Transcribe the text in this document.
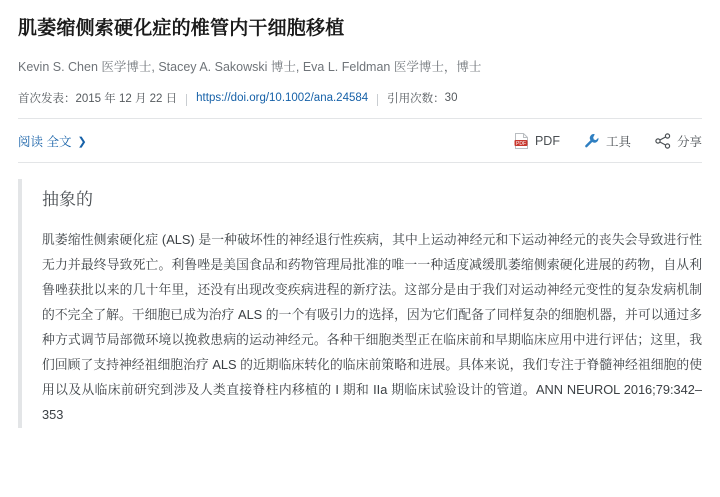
肌萎缩侧索硬化症的椎管内干细胞移植
Kevin S. Chen 医学博士, Stacey A. Sakowski 博士, Eva L. Feldman 医学博士，博士
首次发表： 2015 年 12 月 22 日 https://doi.org/10.1002/ana.24584 引用次数： 30
阅读 全文 ❯	PDF PDF	工具	分享
抽象的
肌萎缩性侧索硬化症 (ALS) 是一种破坏性的神经退行性疾病，其中上运动神经元和下运动神经元的丧失会导致进行性无力并最终导致死亡。利鲁唑是美国食品和药物管理局批准的唯一一种适度减缓肌萎缩侧索硬化进展的药物，自从利鲁唑获批以来的几十年里，还没有出现改变疾病进程的新疗法。这部分是由于我们对运动神经元变性的复杂发病机制的不完全了解。干细胞已成为治疗 ALS 的一个有吸引力的选择，因为它们配备了同样复杂的细胞机器，并可以通过多种方式调节局部微环境以挽救患病的运动神经元。各种干细胞类型正在临床前和早期临床应用中进行评估；这里，我们回顾了支持神经祖细胞治疗 ALS 的近期临床转化的临床前策略和进展。具体来说，我们专注于脊髓神经祖细胞的使用以及从临床前研究到涉及人类直接脊柱内移植的 I 期和 IIa 期临床试验设计的管道。ANN NEUROL 2016;79:342–353
